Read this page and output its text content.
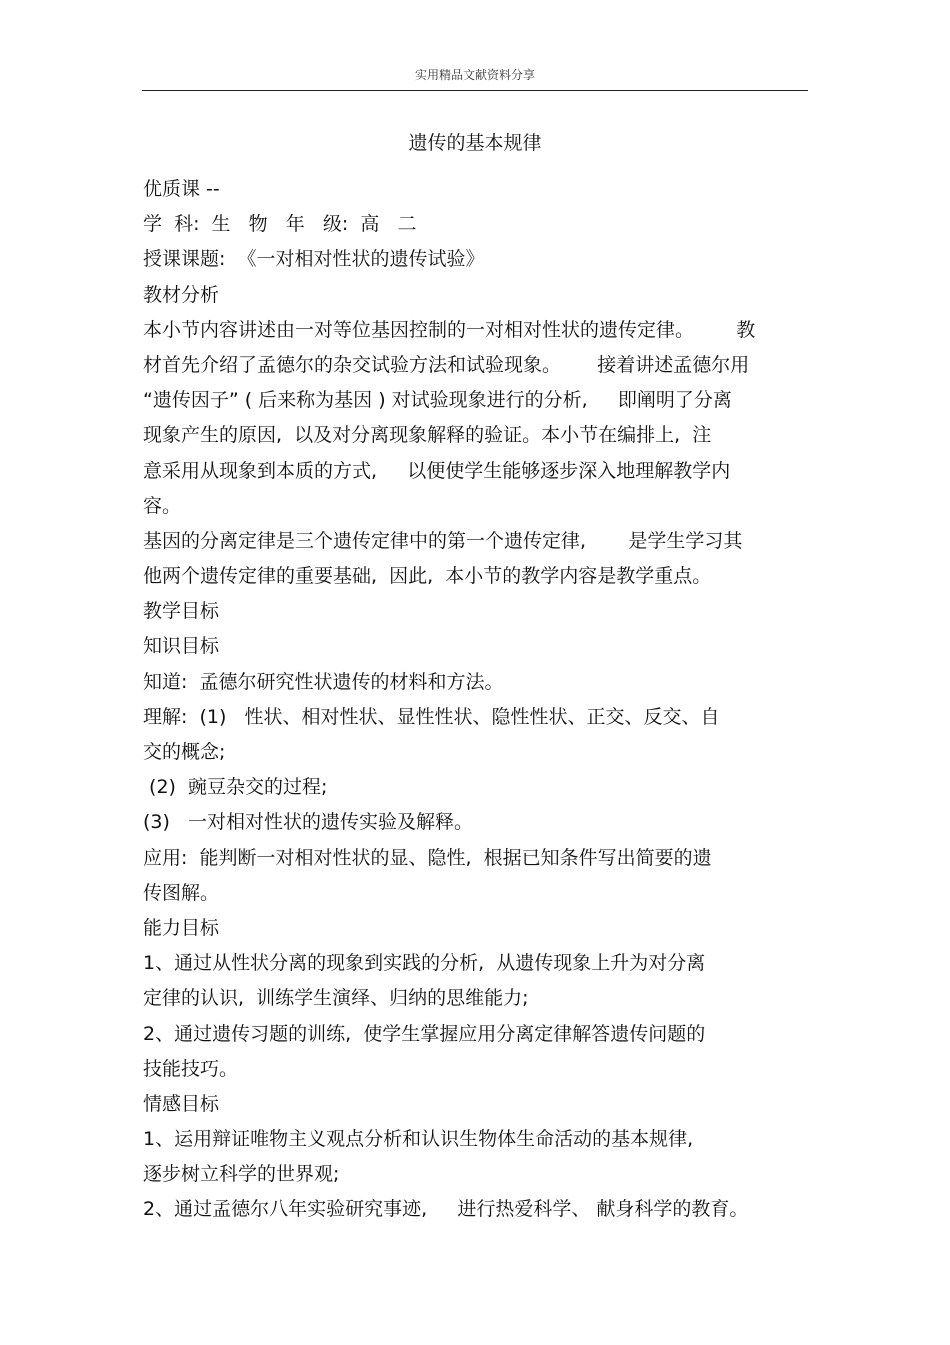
实用精品文献资料分享
遗传的基本规律
优质课 --
学  科:  生   物   年   级:  高   二
授课课题:  《一对相对性状的遗传试验》
教材分析
本小节内容讲述由一对等位基因控制的一对相对性状的遗传定律。       教
材首先介绍了孟德尔的杂交试验方法和试验现象。      接着讲述孟德尔用
“遗传因子” ( 后来称为基因 ) 对试验现象进行的分析,     即阐明了分离
现象产生的原因,  以及对分离现象解释的验证。本小节在编排上,  注
意采用从现象到本质的方式,     以便使学生能够逐步深入地理解教学内
容。
基因的分离定律是三个遗传定律中的第一个遗传定律,       是学生学习其
他两个遗传定律的重要基础,  因此,  本小节的教学内容是教学重点。
教学目标
知识目标
知道:  孟德尔研究性状遗传的材料和方法。
理解:  (1)   性状、相对性状、显性性状、隐性性状、正交、反交、自
交的概念;
(2)  豌豆杂交的过程;
(3)   一对相对性状的遗传实验及解释。
应用:  能判断一对相对性状的显、隐性,  根据已知条件写出简要的遗
传图解。
能力目标
1、通过从性状分离的现象到实践的分析,  从遗传现象上升为对分离
定律的认识,  训练学生演绎、归纳的思维能力;
2、通过遗传习题的训练,  使学生掌握应用分离定律解答遗传问题的
技能技巧。
情感目标
1、运用辩证唯物主义观点分析和认识生物体生命活动的基本规律,
逐步树立科学的世界观;
2、通过孟德尔八年实验研究事迹,     进行热爱科学、 献身科学的教育。
